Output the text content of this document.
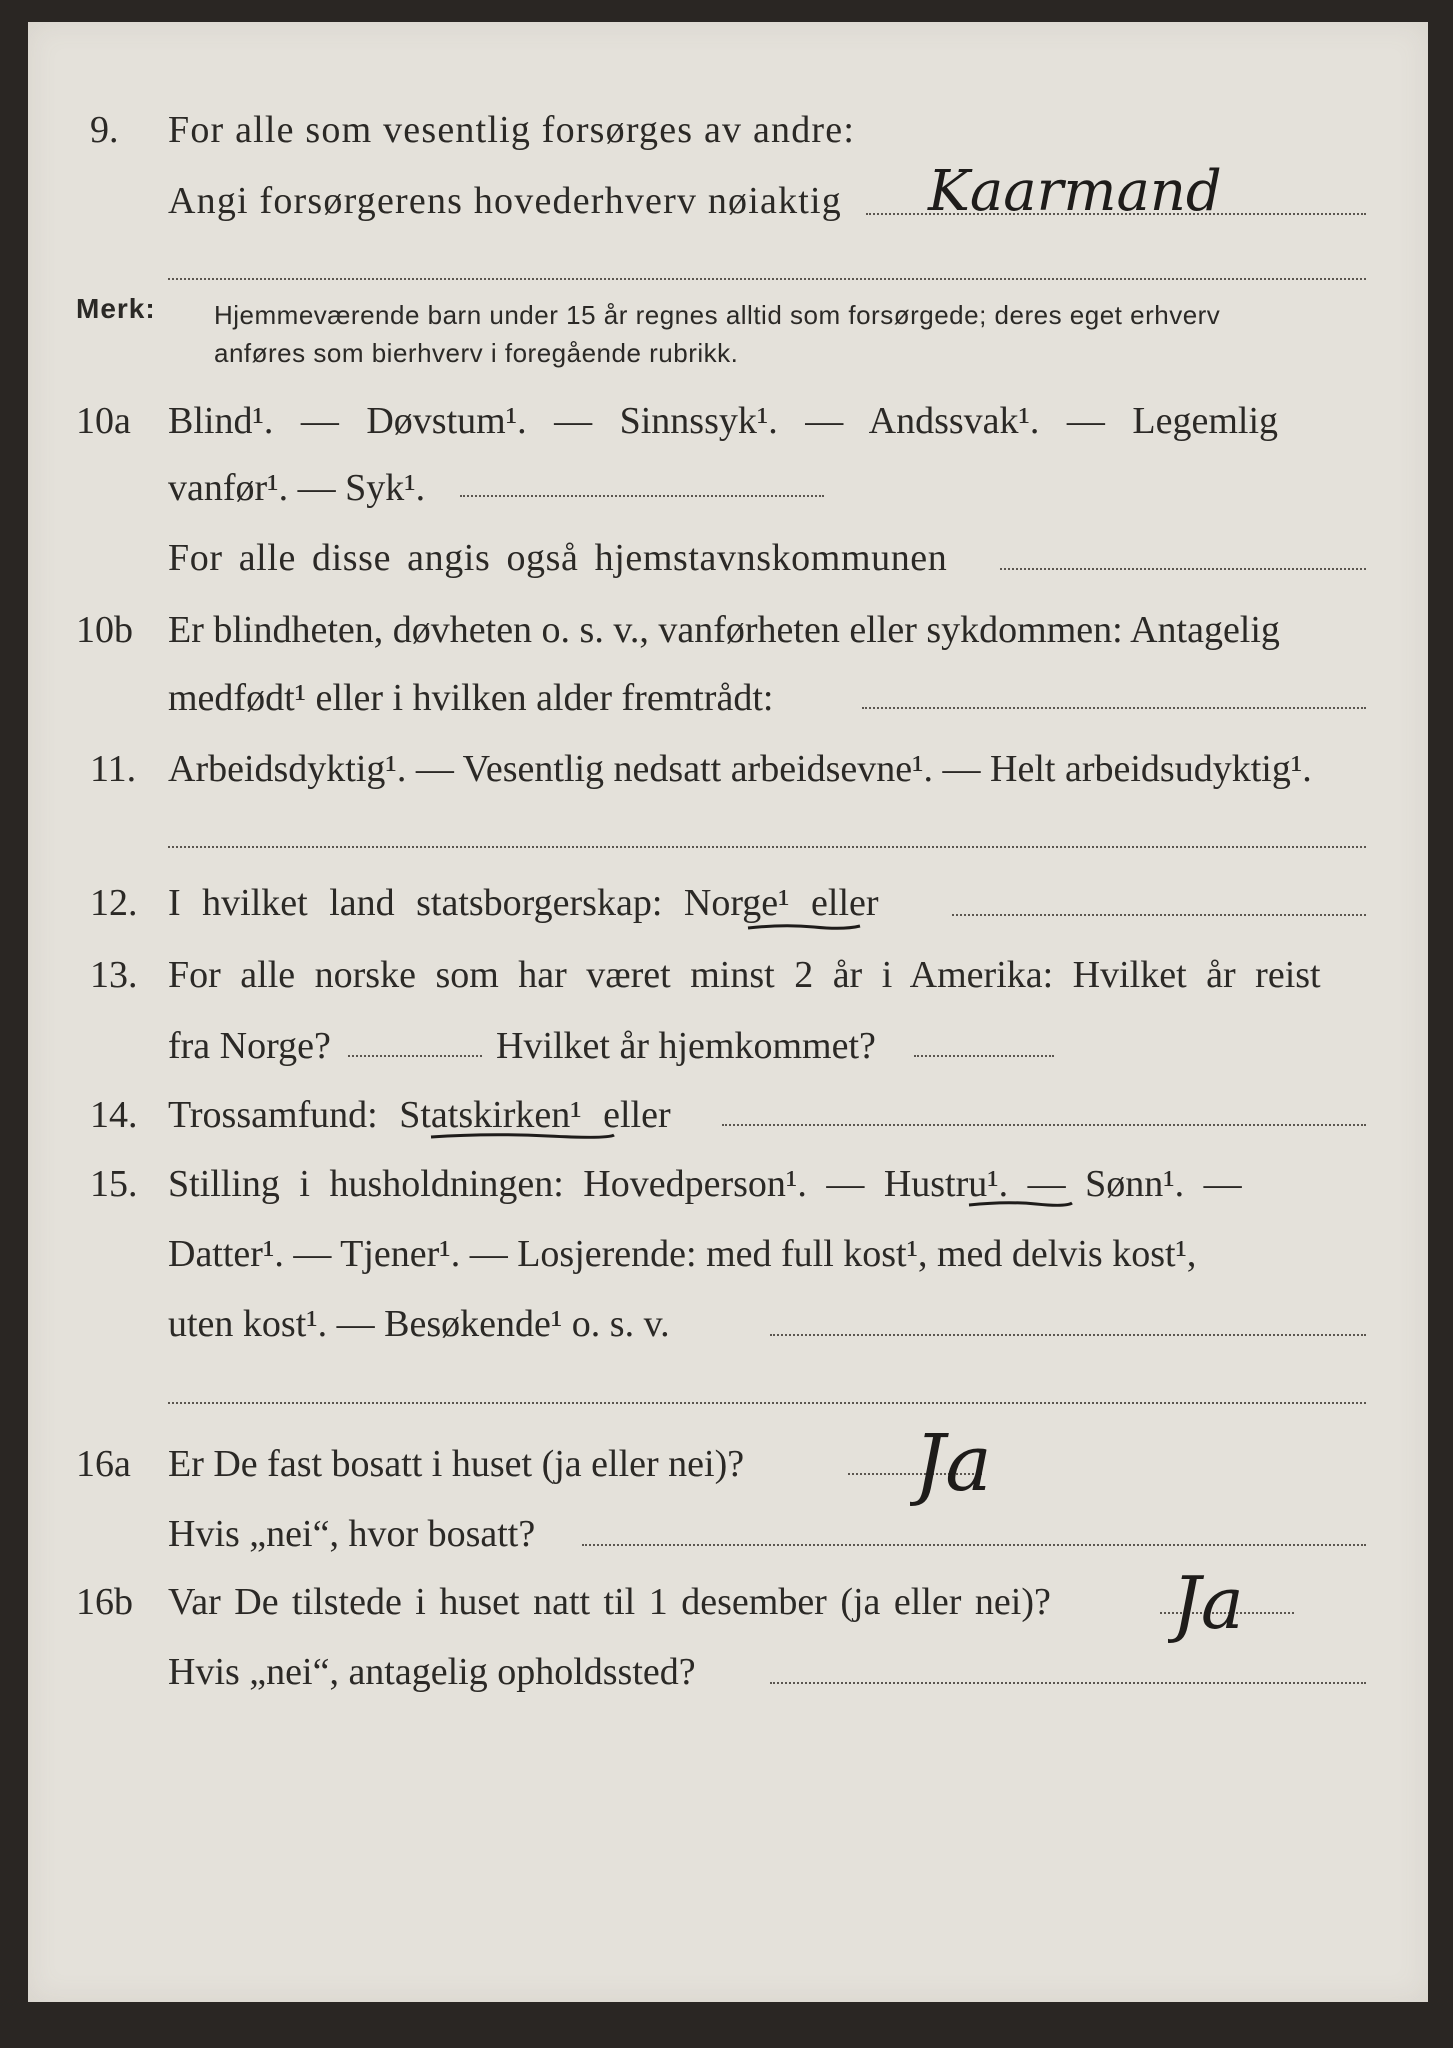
9. For alle som vesentlig forsørges av andre:
Angi forsørgerens hovederhverv nøiaktig Kaarmand
Merk: Hjemmeværende barn under 15 år regnes alltid som forsørgede; deres eget erhverv
anføres som bierhverv i foregående rubrikk.
10a Blind¹. — Døvstum¹. — Sinnssyk¹. — Andssvak¹. — Legemlig
vanfør¹. — Syk¹.
For alle disse angis også hjemstavnskommunen
10b Er blindheten, døvheten o. s. v., vanførheten eller sykdommen: Antagelig
medfødt¹ eller i hvilken alder fremtrådt:
11. Arbeidsdyktig¹. — Vesentlig nedsatt arbeidsevne¹. — Helt arbeidsudyktig¹.
12. I hvilket land statsborgerskap: Norge¹ eller
13. For alle norske som har været minst 2 år i Amerika: Hvilket år reist
fra Norge?	Hvilket år hjemkommet?
14. Trossamfund: Statskirken¹ eller
15. Stilling i husholdningen: Hovedperson¹. — Hustru¹. — Sønn¹. —
Datter¹. — Tjener¹. — Losjerende: med full kost¹, med delvis kost¹,
uten kost¹. — Besøkende¹ o. s. v.
16a Er De fast bosatt i huset (ja eller nei)? Ja
Hvis „nei“, hvor bosatt?
16b Var De tilstede i huset natt til 1 desember (ja eller nei)? Ja
Hvis „nei“, antagelig opholdssted?
